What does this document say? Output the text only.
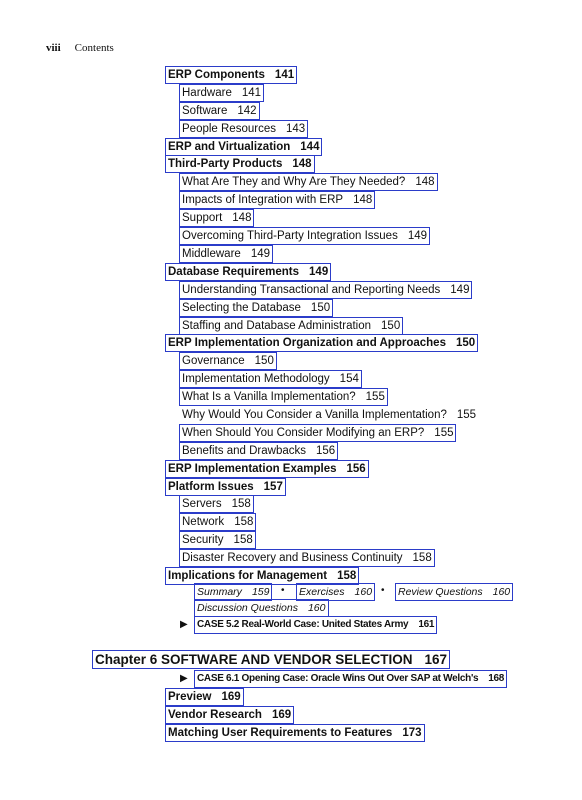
viii Contents
ERP Components 141
Hardware 141
Software 142
People Resources 143
ERP and Virtualization 144
Third-Party Products 148
What Are They and Why Are They Needed? 148
Impacts of Integration with ERP 148
Support 148
Overcoming Third-Party Integration Issues 149
Middleware 149
Database Requirements 149
Understanding Transactional and Reporting Needs 149
Selecting the Database 150
Staffing and Database Administration 150
ERP Implementation Organization and Approaches 150
Governance 150
Implementation Methodology 154
What Is a Vanilla Implementation? 155
Why Would You Consider a Vanilla Implementation? 155
When Should You Consider Modifying an ERP? 155
Benefits and Drawbacks 156
ERP Implementation Examples 156
Platform Issues 157
Servers 158
Network 158
Security 158
Disaster Recovery and Business Continuity 158
Implications for Management 158
Preview 169
Vendor Research 169
Matching User Requirements to Features 173
Summary 159	• Exercises 160 • Review Questions 160
Discussion Questions 160
▶ CASE 5.2 Real-World Case: United States Army 161
Chapter 6 SOFTWARE AND VENDOR SELECTION 167
▶ CASE 6.1 Opening Case: Oracle Wins Out Over SAP at Welch's 168
